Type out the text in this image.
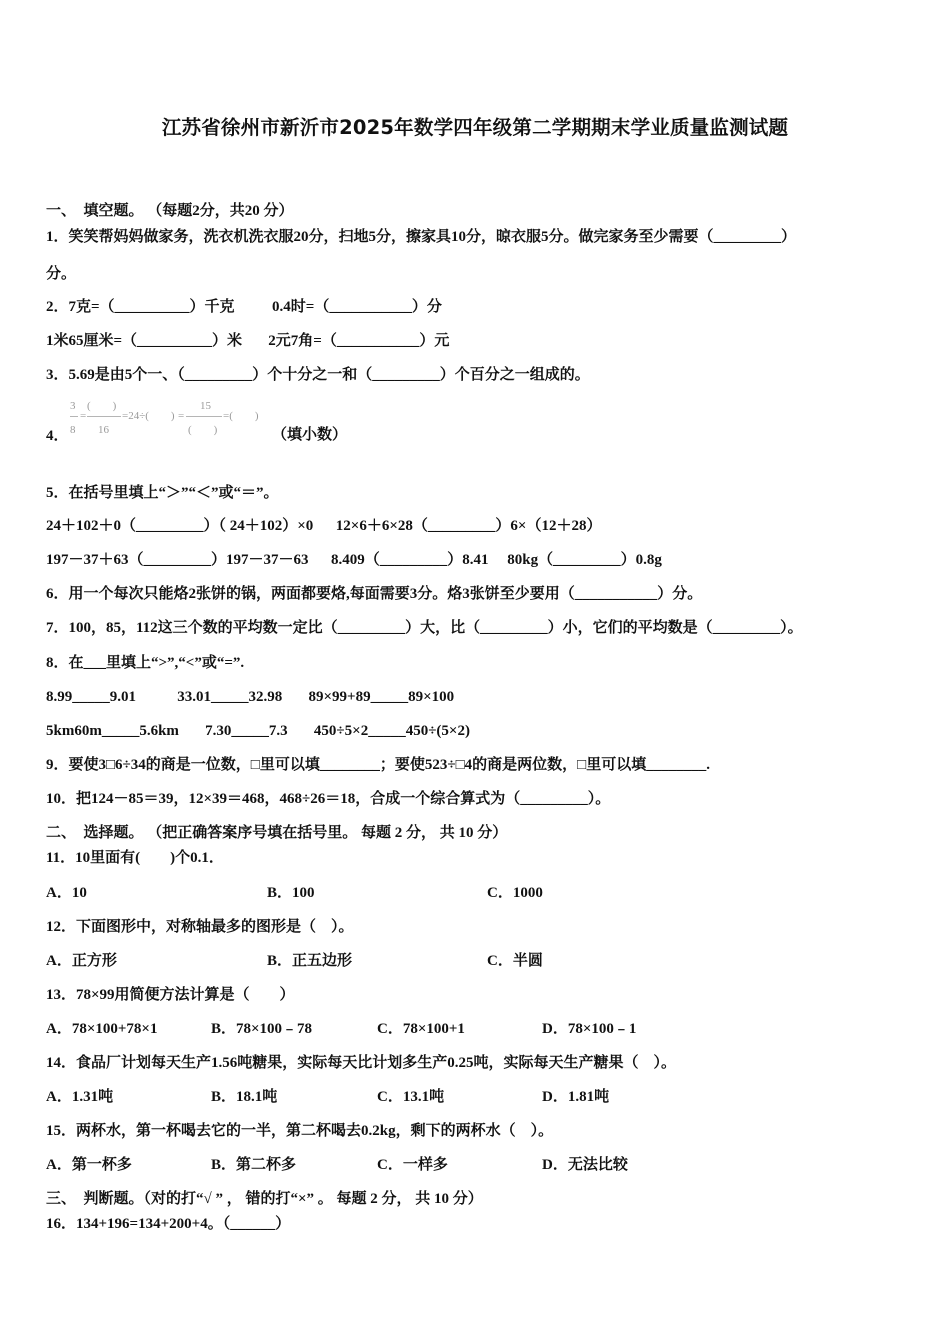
江苏省徐州市新沂市2025年数学四年级第二学期期末学业质量监测试题
一、  填空题。 （每题2分，共20 分）
1．笑笑帮妈妈做家务，洗衣机洗衣服20分，扫地5分，擦家具10分，晾衣服5分。做完家务至少需要（_________）
分。
2．7克=（__________）千克          0.4时=（___________）分
1米65厘米=（__________）米       2元7角=（___________）元
3．5.69是由5个一、（_________）个十分之一和（_________）个百分之一组成的。
4．
3
8
=
(        )
16
=24÷(        ) =
15
(        )
=(        )
（填小数）
5．在括号里填上“＞”“＜”或“＝”。
24＋102＋0（_________）（ 24＋102）×0      12×6＋6×28（_________）6×（12＋28）
197－37＋63（_________）197－37－63      8.409（_________）8.41     80kg（_________）0.8g
6．用一个每次只能烙2张饼的锅，两面都要烙,每面需要3分。烙3张饼至少要用（___________）分。
7．100，85，112这三个数的平均数一定比（_________）大，比（_________）小，它们的平均数是（_________）。
8．在___里填上“>”,“<”或“=”.
8.99_____9.01           33.01_____32.98       89×99+89_____89×100
5km60m_____5.6km       7.30_____7.3       450÷5×2_____450÷(5×2)
9．要使3□6÷34的商是一位数，□里可以填________；要使523÷□4的商是两位数，□里可以填________.
10．把124－85＝39，12×39＝468，468÷26＝18，合成一个综合算式为（_________）。
二、  选择题。 （把正确答案序号填在括号里。 每题 2 分， 共 10 分）
11．10里面有(        )个0.1．
A．10	B．100	C．1000
12．下面图形中，对称轴最多的图形是（    ）。
A．正方形	B．正五边形	C．半圆
13．78×99用简便方法计算是（        ）
A．78×100+78×1	B．78×100﹣78	C．78×100+1	D．78×100﹣1
14．食品厂计划每天生产1.56吨糖果，实际每天比计划多生产0.25吨，实际每天生产糖果（    ）。
A．1.31吨	B．18.1吨	C．13.1吨	D．1.81吨
15．两杯水，第一杯喝去它的一半，第二杯喝去0.2kg，剩下的两杯水（    ）。
A．第一杯多	B．第二杯多	C．一样多	D．无法比较
三、  判断题。（对的打“√ ” ， 错的打“×” 。 每题 2 分， 共 10 分）
16．134+196=134+200+4。（______）
